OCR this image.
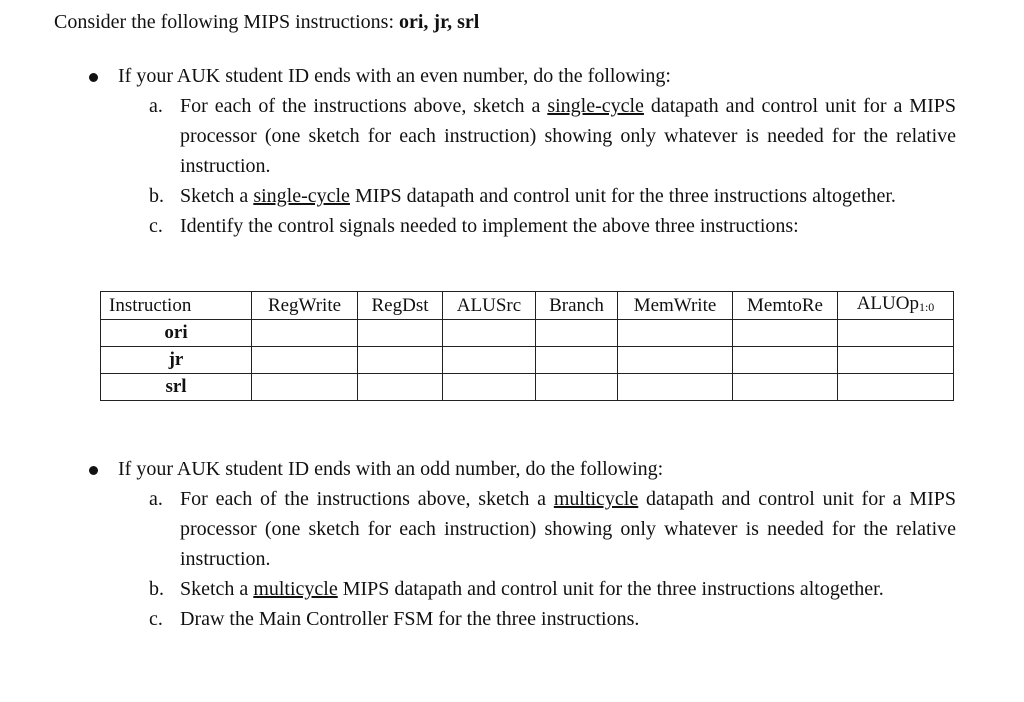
Consider the following MIPS instructions: ori, jr, srl
If your AUK student ID ends with an even number, do the following:
a. For each of the instructions above, sketch a single-cycle datapath and control unit for a MIPS processor (one sketch for each instruction) showing only whatever is needed for the relative instruction.
b. Sketch a single-cycle MIPS datapath and control unit for the three instructions altogether.
c. Identify the control signals needed to implement the above three instructions:
Instruction	RegWrite	RegDst	ALUSrc	Branch	MemWrite	MemtoRe	ALUOp$_{1:0}$
ori							
jr							
srl							
If your AUK student ID ends with an odd number, do the following:
a. For each of the instructions above, sketch a multicycle datapath and control unit for a MIPS processor (one sketch for each instruction) showing only whatever is needed for the relative instruction.
b. Sketch a multicycle MIPS datapath and control unit for the three instructions altogether.
c. Draw the Main Controller FSM for the three instructions.
